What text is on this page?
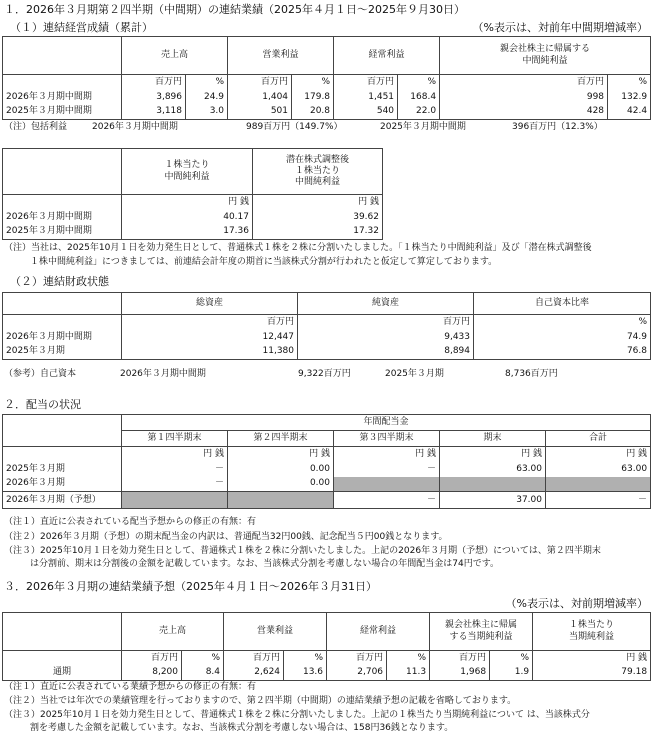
１．2026年３月期第２四半期（中間期）の連結業績（2025年４月１日～2025年９月30日）
（１）連結経営成績（累計）	（%表示は、対前年中間期増減率）
	売上高		営業利益		経常利益		親会社株主に帰属する
中間純利益	

	百万円	%	百万円	%	百万円	%	百万円	%
2026年３月期中間期	3,896	24.9	1,404	179.8	1,451	168.4	998	132.9
2025年３月期中間期	3,118	3.0	501	20.8	540	22.0	428	42.4
（注）包括利益	2026年３月期中間期	989百万円（149.7%）	2025年３月期中間期	396百万円（12.3%）

１株当たり
中間純利益

潜在株式調整後
１株当たり
中間純利益

	円 銭	円 銭
2026年３月期中間期	40.17	39.62
2025年３月期中間期	17.36	17.32
（注）当社は、2025年10月１日を効力発生日として、普通株式１株を２株に分割いたしました。「１株当たり中間純利益」及び「潜在株式調整後
１株中間純利益」につきましては、前連結会計年度の期首に当該株式分割が行われたと仮定して算定しております。
（２）連結財政状態
	総資産	純資産	自己資本比率
	百万円	百万円	%
2026年３月期中間期	12,447	9,433	74.9
2025年３月期	11,380	8,894	76.8
（参考）自己資本	2026年３月期中間期	9,322百万円	2025年３月期	8,736百万円
２．配当の状況
	年間配当金				
	第１四半期末	第２四半期末	第３四半期末	期末	合計
	円 銭	円 銭	円 銭	円 銭	円 銭
2025年３月期	－	0.00	－	63.00	63.00
2026年３月期	－	0.00			
2026年３月期（予想）			－	37.00	－
（注１）直近に公表されている配当予想からの修正の有無：有
（注２）2026年３月期（予想）の期末配当金の内訳は、普通配当32円00銭、記念配当５円00銭となります。
（注３）2025年10月１日を効力発生日として、普通株式１株を２株に分割いたしました。上記の2026年３月期（予想）については、第２四半期末
は分割前、期末は分割後の金額を記載しています。なお、当該株式分割を考慮しない場合の年間配当金は74円です。
３．2026年３月期の連結業績予想（2025年４月１日～2026年３月31日）
（%表示は、対前期増減率）
	売上高	営業利益	経常利益	
親会社株主に帰属
する当期純利益

１株当たり
当期純利益

	百万円	%	百万円	%	百万円	%	百万円	%	円 銭
通期	8,200	8.4	2,624	13.6	2,706	11.3	1,968	1.9	79.18
（注１）直近に公表されている業績予想からの修正の有無：有
（注２）当社では年次での業績管理を行っておりますので、第２四半期（中間期）の連結業績予想の記載を省略しております。
（注３）2025年10月１日を効力発生日として、普通株式１株を２株に分割いたしました。上記の１株当たり当期純利益について は、当該株式分
割を考慮した金額を記載しています。なお、当該株式分割を考慮しない場合は、158円36銭となります。
